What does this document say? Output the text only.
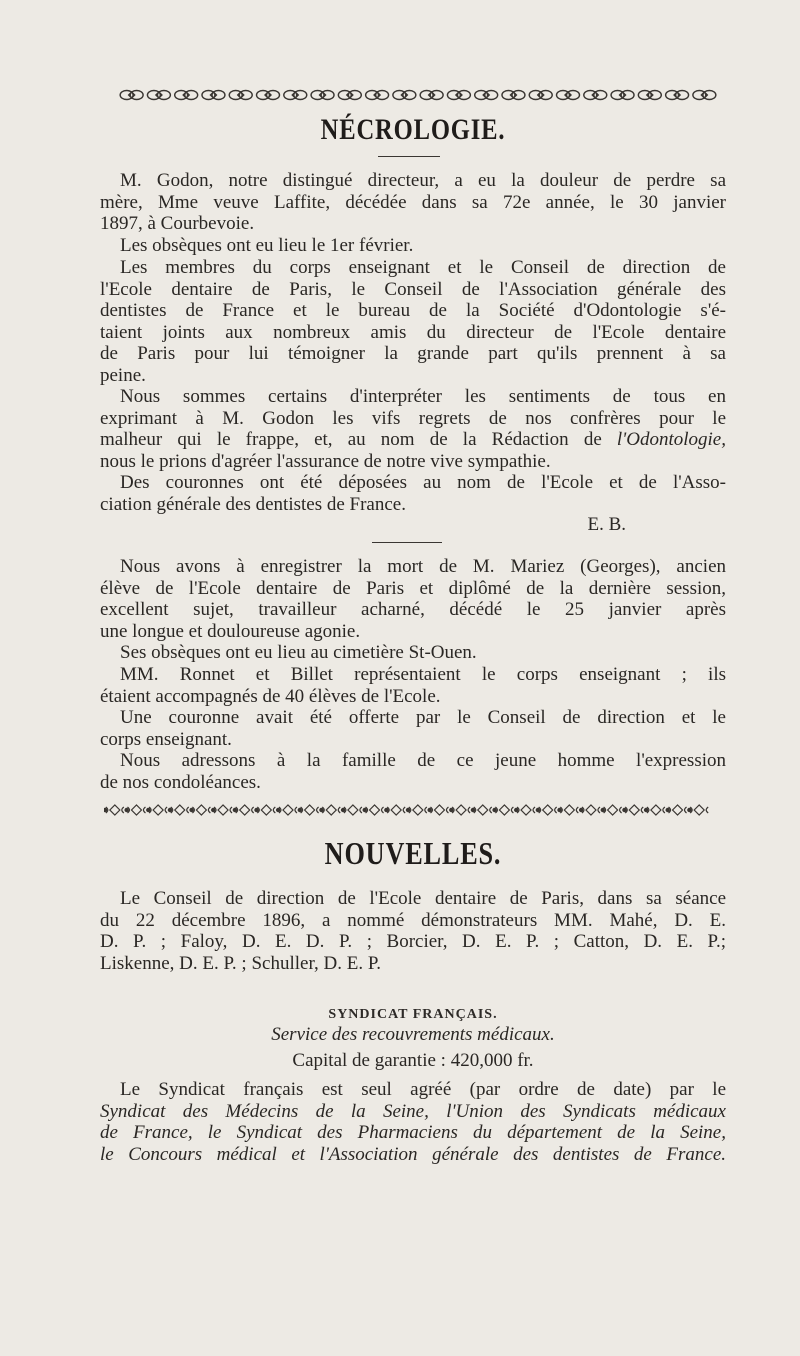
NÉCROLOGIE.

M. Godon, notre distingué directeur, a eu la douleur de perdre sa
mère, Mme veuve Laffite, décédée dans sa 72e année, le 30 janvier
1897, à Courbevoie.

Les obsèques ont eu lieu le 1er février.

Les membres du corps enseignant et le Conseil de direction de
l'Ecole dentaire de Paris, le Conseil de l'Association générale des
dentistes de France et le bureau de la Société d'Odontologie s'é-
taient joints aux nombreux amis du directeur de l'Ecole dentaire
de Paris pour lui témoigner la grande part qu'ils prennent à sa
peine.

Nous sommes certains d'interpréter les sentiments de tous en
exprimant à M. Godon les vifs regrets de nos confrères pour le
malheur qui le frappe, et, au nom de la Rédaction de l'Odontologie,
nous le prions d'agréer l'assurance de notre vive sympathie.

Des couronnes ont été déposées au nom de l'Ecole et de l'Asso-
ciation générale des dentistes de France.

E. B.

Nous avons à enregistrer la mort de M. Mariez (Georges), ancien
élève de l'Ecole dentaire de Paris et diplômé de la dernière session,
excellent sujet, travailleur acharné, décédé le 25 janvier après
une longue et douloureuse agonie.

Ses obsèques ont eu lieu au cimetière St-Ouen.

MM. Ronnet et Billet représentaient le corps enseignant ; ils
étaient accompagnés de 40 élèves de l'Ecole.

Une couronne avait été offerte par le Conseil de direction et le
corps enseignant.

Nous adressons à la famille de ce jeune homme l'expression
de nos condoléances.

NOUVELLES.

Le Conseil de direction de l'Ecole dentaire de Paris, dans sa séance
du 22 décembre 1896, a nommé démonstrateurs MM. Mahé, D. E.
D. P. ; Faloy, D. E. D. P. ; Borcier, D. E. P. ; Catton, D. E. P.;
Liskenne, D. E. P. ; Schuller, D. E. P.

SYNDICAT FRANÇAIS.
Service des recouvrements médicaux.
Capital de garantie : 420,000 fr.

Le Syndicat français est seul agréé (par ordre de date) par le
Syndicat des Médecins de la Seine, l'Union des Syndicats médicaux
de France, le Syndicat des Pharmaciens du département de la Seine,
le Concours médical et l'Association générale des dentistes de France.
